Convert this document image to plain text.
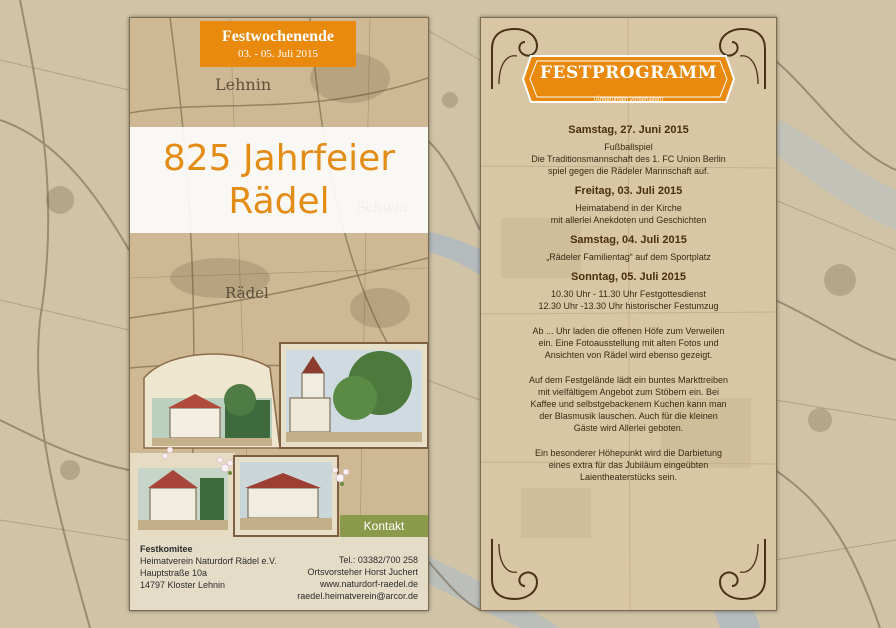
Lehnin
Rädel
Festwochenende
03. - 05. Juli 2015
825 Jahrfeier
Rädel
Kontakt
Festkomitee
Heimatverein Naturdorf Rädel e.V.
Hauptstraße 10a
14797 Kloster Lehnin
Tel.: 03382/700 258
Ortsvorsteher Horst Juchert
www.naturdorf-raedel.de
raedel.heimatverein@arcor.de
FESTPROGRAMM
(Änderungen vorbehalten)
Samstag, 27. Juni 2015
Fußballspiel
Die Traditionsmannschaft des 1. FC Union Berlin
spiel gegen die Rädeler Mannschaft auf.
Freitag, 03. Juli 2015
Heimatabend in der Kirche
mit allerlei Anekdoten und Geschichten
Samstag, 04. Juli 2015
„Rädeler Familientag“ auf dem Sportplatz
Sonntag, 05. Juli 2015
10.30 Uhr - 11.30 Uhr Festgottesdienst
12.30 Uhr -13.30 Uhr historischer Festumzug
Ab ... Uhr laden die offenen Höfe zum Verweilen
ein. Eine Fotoausstellung mit alten Fotos und
Ansichten von Rädel wird ebenso gezeigt.
Auf dem Festgelände lädt ein buntes Markttreiben
mit vielfältigem Angebot zum Stöbern ein. Bei
Kaffee und selbstgebackenem Kuchen kann man
der Blasmusik lauschen. Auch für die kleinen
Gäste wird Allerlei geboten.
Ein besonderer Höhepunkt wird die Darbietung
eines extra für das Jubiläum eingeübten
Laientheaterstücks sein.
